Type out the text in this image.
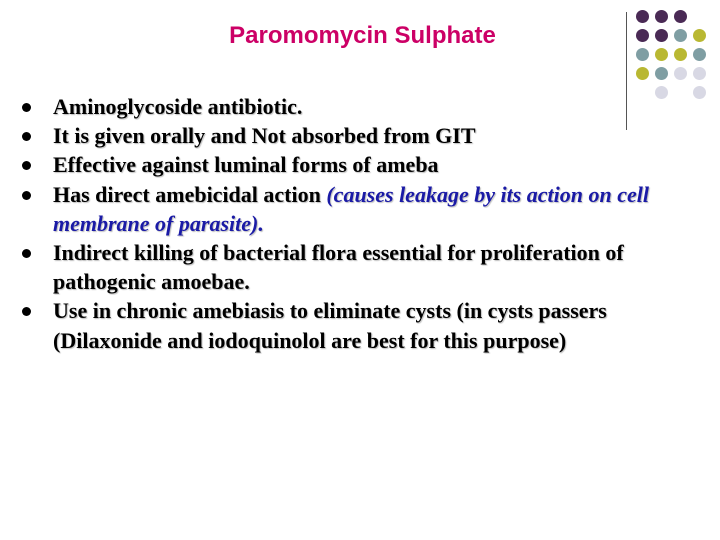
Paromomycin Sulphate
Aminoglycoside antibiotic.
It is given orally and Not absorbed from GIT
Effective against luminal forms of ameba
Has direct amebicidal action (causes leakage by its action on cell membrane of parasite).
Indirect killing of bacterial flora essential for proliferation of pathogenic amoebae.
Use in chronic amebiasis to eliminate cysts (in cysts passers (Dilaxonide and iodoquinolol are best for this purpose)
